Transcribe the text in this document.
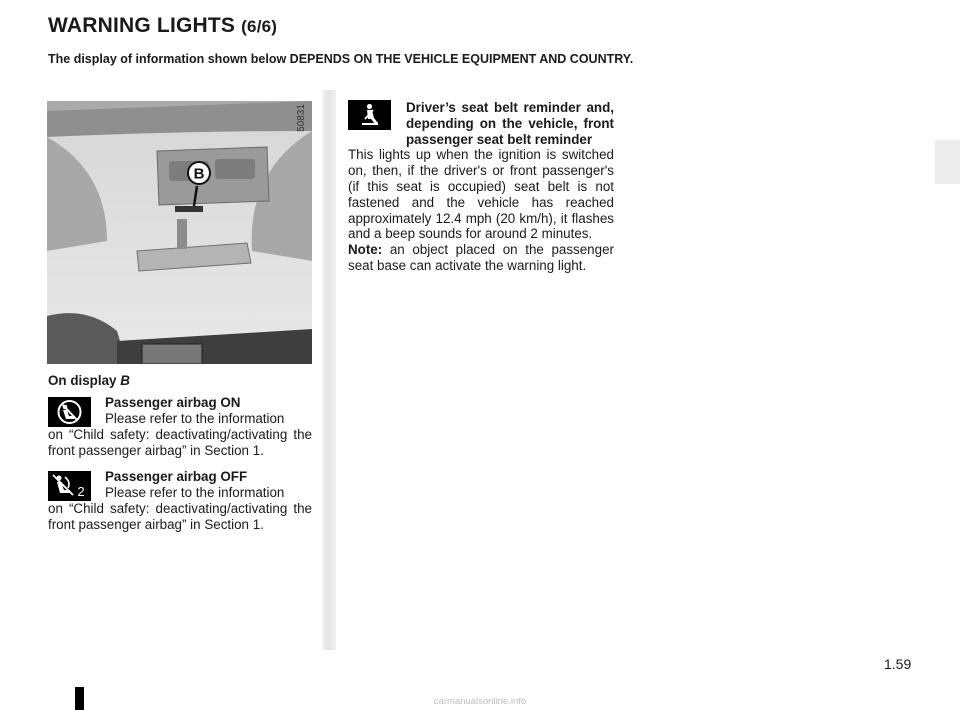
WARNING LIGHTS (6/6)
The display of information shown below DEPENDS ON THE VEHICLE EQUIPMENT AND COUNTRY.
B
50831
On display B
Passenger airbag ON
Please refer to the information
on “Child safety: deactivating/activating the front passenger airbag” in Section 1.
2
Passenger airbag OFF
Please refer to the information
on “Child safety: deactivating/activating the front passenger airbag” in Section 1.
Driver’s seat belt reminder and, depending on the vehicle, front passenger seat belt reminder
This lights up when the ignition is switched on, then, if the driver's or front passenger's (if this seat is occupied) seat belt is not fastened and the vehicle has reached approximately 12.4 mph (20 km/h), it flashes and a beep sounds for around 2 minutes.
Note: an object placed on the passenger seat base can activate the warning light.
1.59
carmanualsonline.info
